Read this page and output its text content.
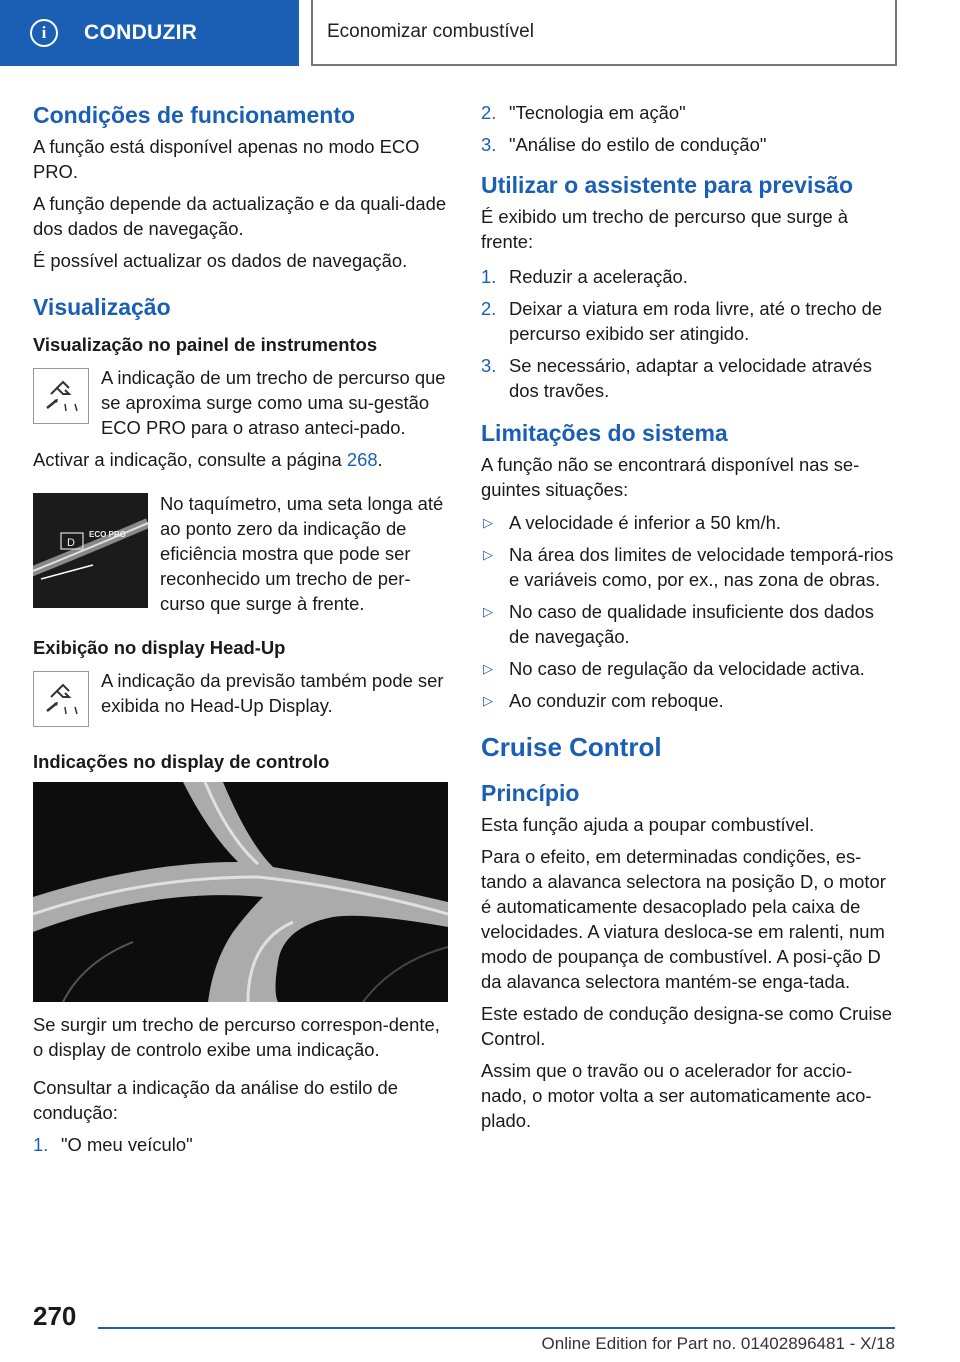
i	CONDUZIR	Economizar combustível
Condições de funcionamento

A função está disponível apenas no modo ECO PRO.

A função depende da actualização e da quali-dade dos dados de navegação.

É possível actualizar os dados de navegação.

Visualização
Visualização no painel de instrumentos

A indicação de um trecho de percurso que se aproxima surge como uma su-gestão ECO PRO para o atraso anteci-pado.

Activar a indicação, consulte a página 268.

D
ECO PRO

No taquímetro, uma seta longa até ao ponto zero da indicação de eficiência mostra que pode ser reconhecido um trecho de per-curso que surge à frente.

Exibição no display Head-Up

A indicação da previsão também pode ser exibida no Head-Up Display.

Indicações no display de controlo

Se surgir um trecho de percurso correspon-dente, o display de controlo exibe uma indicação.

Consultar a indicação da análise do estilo de condução:

1. "O meu veículo"
2. "Tecnologia em ação"
3. "Análise do estilo de condução"
Utilizar o assistente para previsão

É exibido um trecho de percurso que surge à frente:

1. Reduzir a aceleração.
2. Deixar a viatura em roda livre, até o trecho de percurso exibido ser atingido.
3. Se necessário, adaptar a velocidade através dos travões.
Limitações do sistema

A função não se encontrará disponível nas se-guintes situações:

▷ A velocidade é inferior a 50 km/h.
▷ Na área dos limites de velocidade temporá-rios e variáveis como, por ex., nas zona de obras.
▷ No caso de qualidade insuficiente dos dados de navegação.
▷ No caso de regulação da velocidade activa.
▷ Ao conduzir com reboque.
Cruise Control
Princípio

Esta função ajuda a poupar combustível.

Para o efeito, em determinadas condições, es-tando a alavanca selectora na posição D, o motor é automaticamente desacoplado pela caixa de velocidades. A viatura desloca-se em ralenti, num modo de poupança de combustível. A posi-ção D da alavanca selectora mantém-se enga-tada.

Este estado de condução designa-se como Cruise Control.

Assim que o travão ou o acelerador for accio-nado, o motor volta a ser automaticamente aco-plado.

270
Online Edition for Part no. 01402896481 - X/18
